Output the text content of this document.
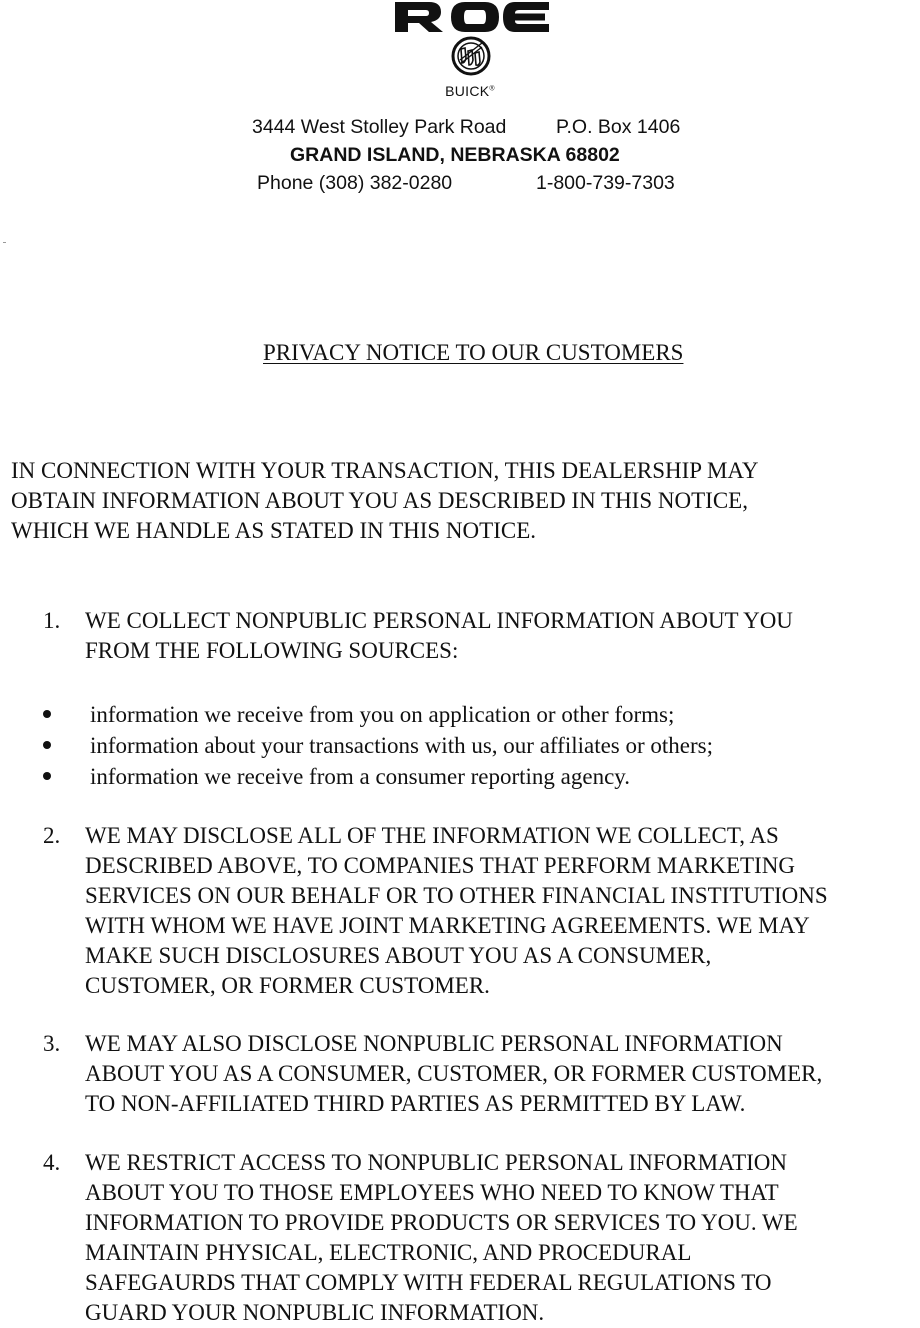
BUICK®
3444 West Stolley Park Road	P.O. Box 1406
GRAND ISLAND, NEBRASKA 68802
Phone (308) 382-0280	1-800-739-7303
PRIVACY NOTICE TO OUR CUSTOMERS
IN CONNECTION WITH YOUR TRANSACTION, THIS DEALERSHIP MAY
OBTAIN INFORMATION ABOUT YOU AS DESCRIBED IN THIS NOTICE,
WHICH WE HANDLE AS STATED IN THIS NOTICE.
1.	WE COLLECT NONPUBLIC PERSONAL INFORMATION ABOUT YOU
FROM THE FOLLOWING SOURCES:
information we receive from you on application or other forms;
information about your transactions with us, our affiliates or others;
information we receive from a consumer reporting agency.
2.	WE MAY DISCLOSE ALL OF THE INFORMATION WE COLLECT, AS
DESCRIBED ABOVE, TO COMPANIES THAT PERFORM MARKETING
SERVICES ON OUR BEHALF OR TO OTHER FINANCIAL INSTITUTIONS
WITH WHOM WE HAVE JOINT MARKETING AGREEMENTS. WE MAY
MAKE SUCH DISCLOSURES ABOUT YOU AS A CONSUMER,
CUSTOMER, OR FORMER CUSTOMER.
3.	WE MAY ALSO DISCLOSE NONPUBLIC PERSONAL INFORMATION
ABOUT YOU AS A CONSUMER, CUSTOMER, OR FORMER CUSTOMER,
TO NON-AFFILIATED THIRD PARTIES AS PERMITTED BY LAW.
4.	WE RESTRICT ACCESS TO NONPUBLIC PERSONAL INFORMATION
ABOUT YOU TO THOSE EMPLOYEES WHO NEED TO KNOW THAT
INFORMATION TO PROVIDE PRODUCTS OR SERVICES TO YOU. WE
MAINTAIN PHYSICAL, ELECTRONIC, AND PROCEDURAL
SAFEGAURDS THAT COMPLY WITH FEDERAL REGULATIONS TO
GUARD YOUR NONPUBLIC INFORMATION.
